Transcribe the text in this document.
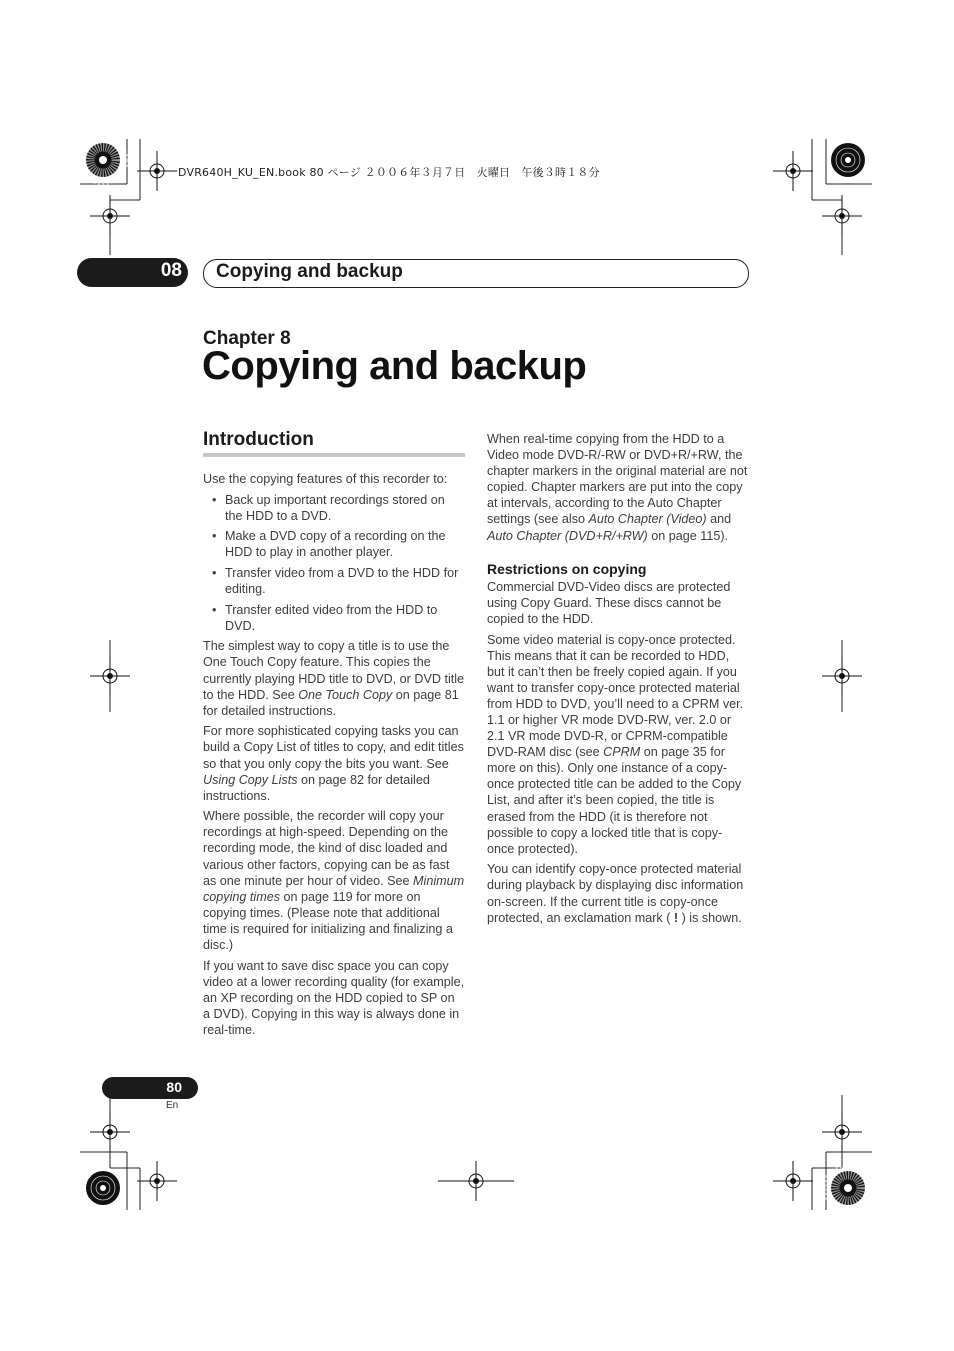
DVR640H_KU_EN.book 80 ページ ２００６年３月７日　火曜日　午後３時１８分
08 Copying and backup
Chapter 8
Copying and backup
Introduction

Use the copying features of this recorder to:

• Back up important recordings stored on the HDD to a DVD.
• Make a DVD copy of a recording on the HDD to play in another player.
• Transfer video from a DVD to the HDD for editing.
• Transfer edited video from the HDD to DVD.

The simplest way to copy a title is to use the One Touch Copy feature. This copies the currently playing HDD title to DVD, or DVD title to the HDD. See One Touch Copy on page 81 for detailed instructions.

For more sophisticated copying tasks you can build a Copy List of titles to copy, and edit titles so that you only copy the bits you want. See Using Copy Lists on page 82 for detailed instructions.

Where possible, the recorder will copy your recordings at high-speed. Depending on the recording mode, the kind of disc loaded and various other factors, copying can be as fast as one minute per hour of video. See Minimum copying times on page 119 for more on copying times. (Please note that additional time is required for initializing and finalizing a disc.)

If you want to save disc space you can copy video at a lower recording quality (for example, an XP recording on the HDD copied to SP on a DVD). Copying in this way is always done in real-time.

When real-time copying from the HDD to a Video mode DVD-R/-RW or DVD+R/+RW, the chapter markers in the original material are not copied. Chapter markers are put into the copy at intervals, according to the Auto Chapter settings (see also Auto Chapter (Video) and Auto Chapter (DVD+R/+RW) on page 115).

Restrictions on copying

Commercial DVD-Video discs are protected using Copy Guard. These discs cannot be copied to the HDD.

Some video material is copy-once protected. This means that it can be recorded to HDD, but it can’t then be freely copied again. If you want to transfer copy-once protected material from HDD to DVD, you’ll need to a CPRM ver. 1.1 or higher VR mode DVD-RW, ver. 2.0 or 2.1 VR mode DVD-R, or CPRM-compatible DVD-RAM disc (see CPRM on page 35 for more on this). Only one instance of a copy-once protected title can be added to the Copy List, and after it’s been copied, the title is erased from the HDD (it is therefore not possible to copy a locked title that is copy-once protected).

You can identify copy-once protected material during playback by displaying disc information on-screen. If the current title is copy-once protected, an exclamation mark ( ! ) is shown.

80
En
